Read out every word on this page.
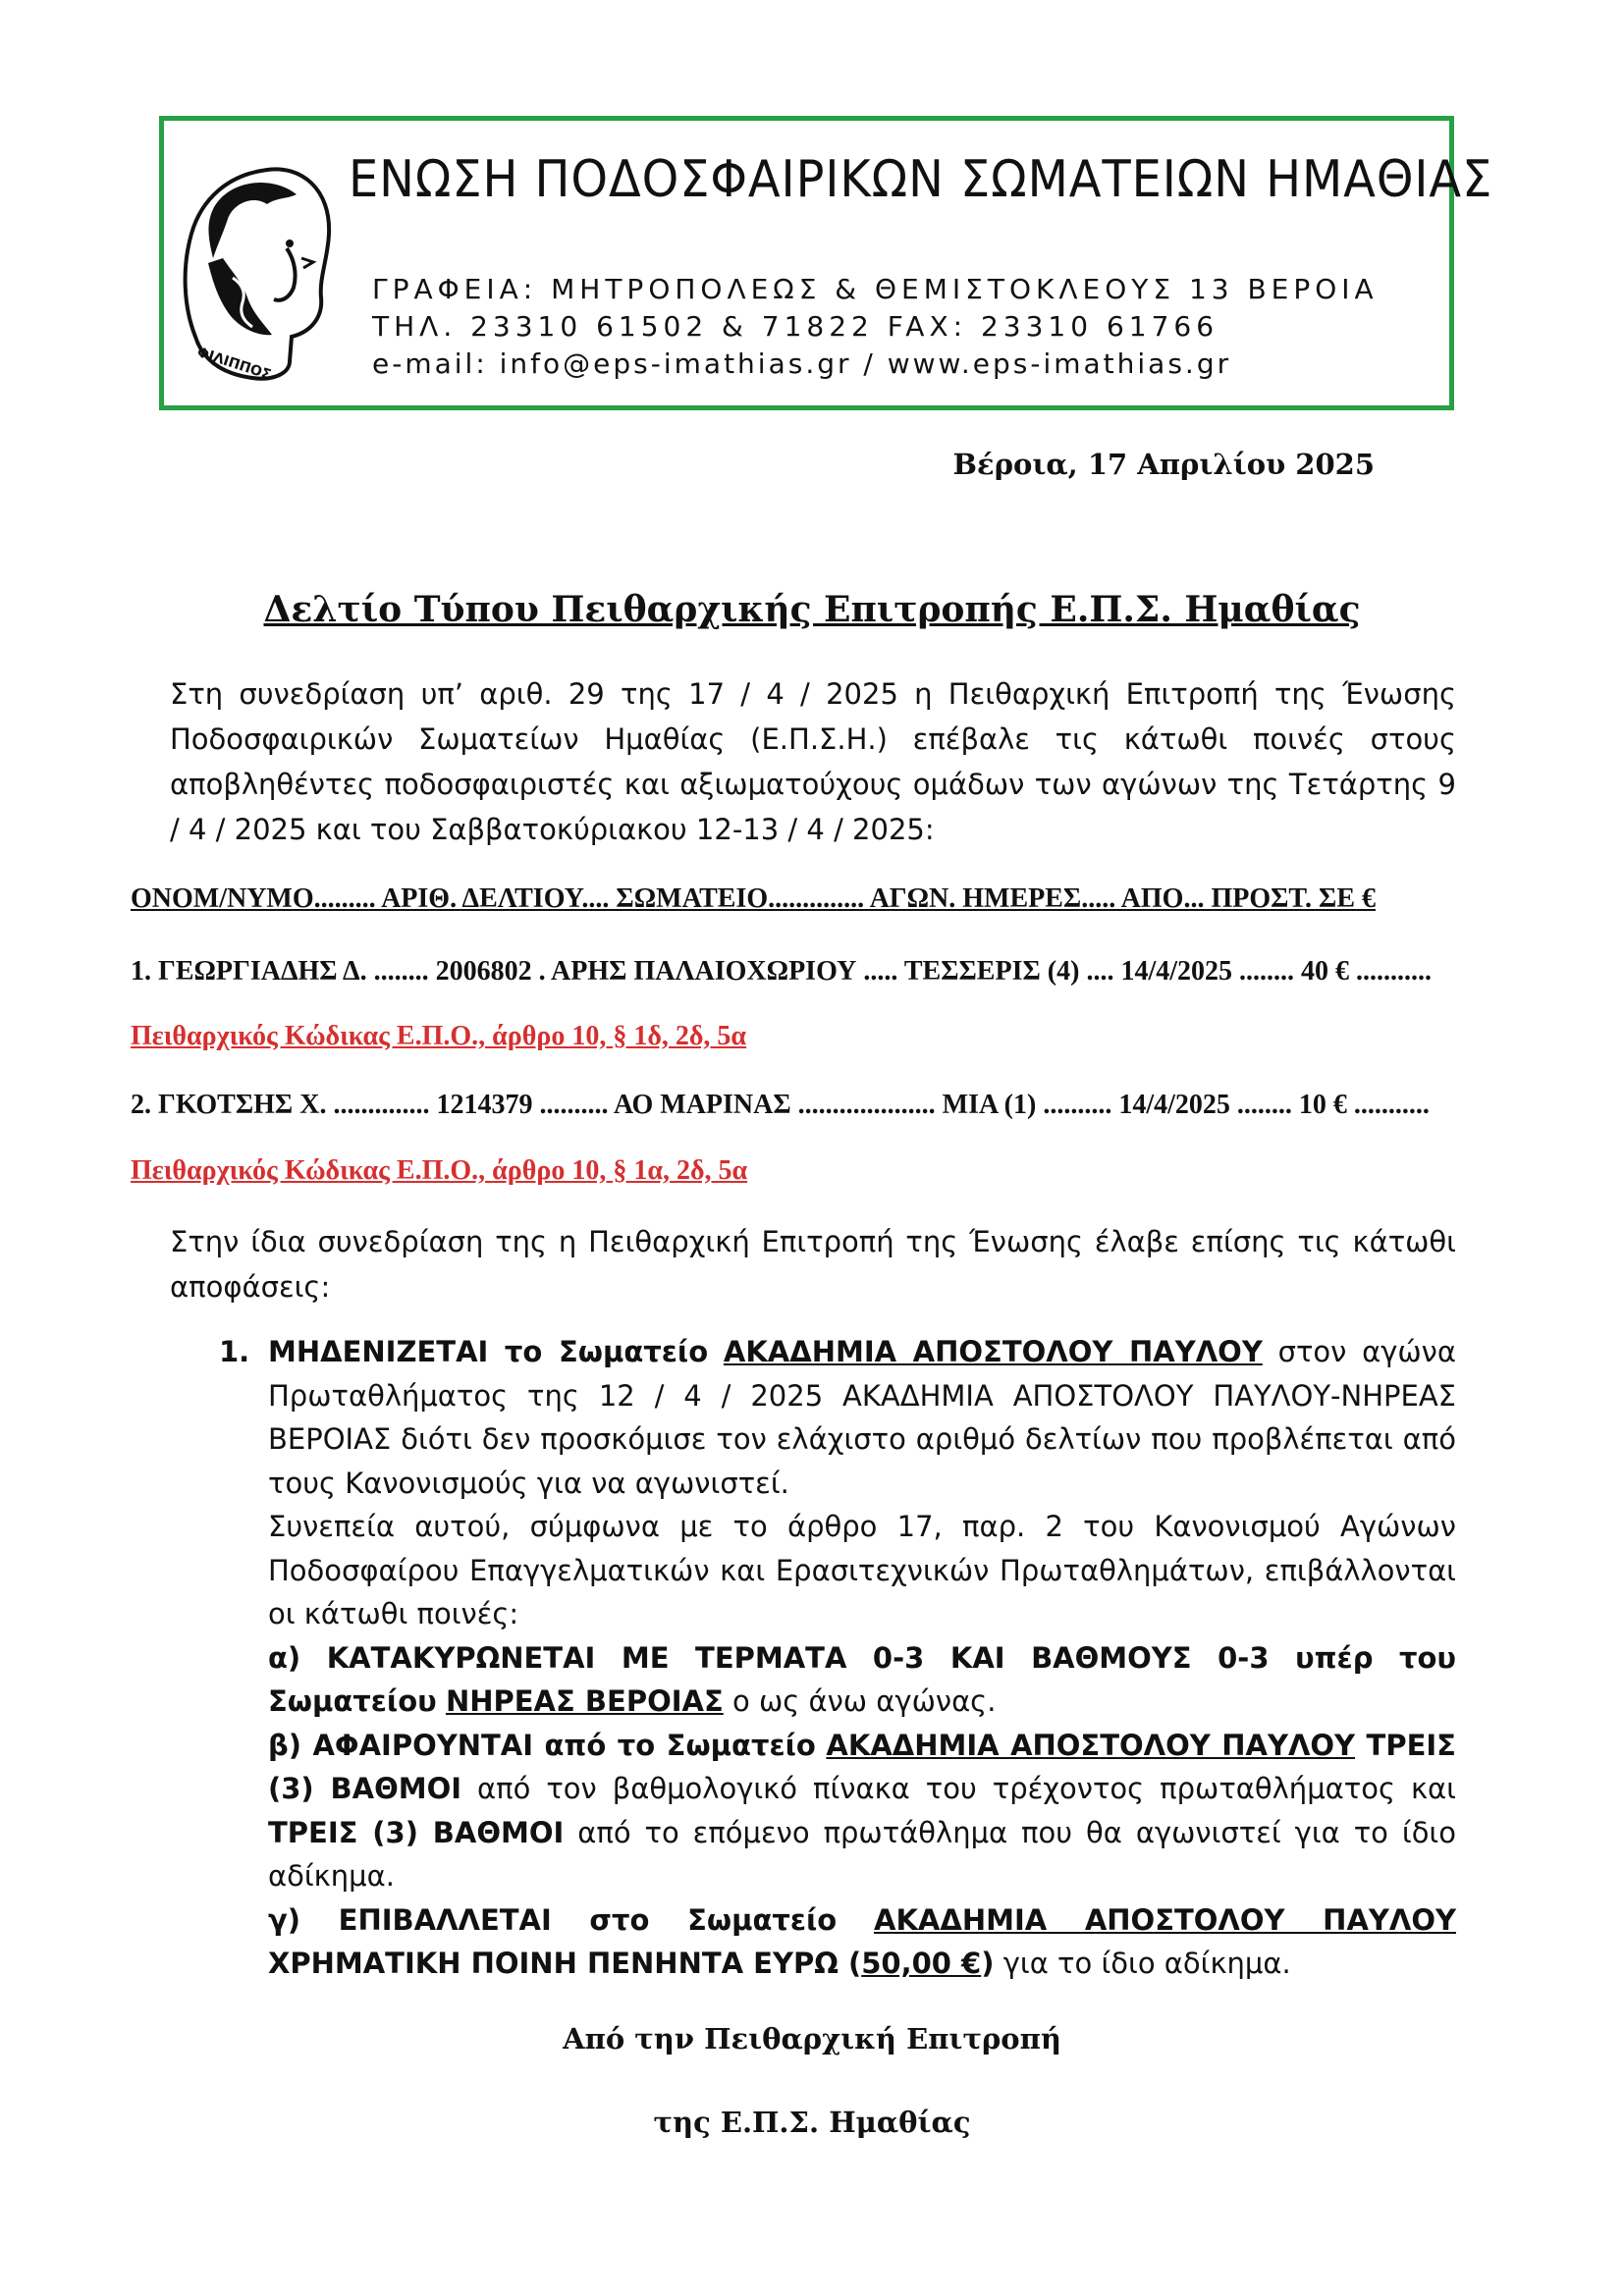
ΦΙΛΙΠΠΟΣ
ΕΝΩΣΗ ΠΟΔΟΣΦΑΙΡΙΚΩΝ ΣΩΜΑΤΕΙΩΝ ΗΜΑΘΙΑΣ
ΓΡΑΦΕΙΑ: ΜΗΤΡΟΠΟΛΕΩΣ & ΘΕΜΙΣΤΟΚΛΕΟΥΣ 13 ΒΕΡΟΙΑ
ΤΗΛ. 23310 61502 & 71822 FAX: 23310 61766
e-mail: info@eps-imathias.gr / www.eps-imathias.gr
Βέροια, 17 Απριλίου 2025
Δελτίο Τύπου Πειθαρχικής Επιτροπής Ε.Π.Σ. Ημαθίας

Στη συνεδρίαση υπ’ αριθ. 29 της 17 / 4 / 2025 η Πειθαρχική Επιτροπή της Ένωσης Ποδοσφαιρικών Σωματείων Ημαθίας (Ε.Π.Σ.Η.) επέβαλε τις κάτωθι ποινές στους αποβληθέντες ποδοσφαιριστές και αξιωματούχους ομάδων των αγώνων της Τετάρτης 9 / 4 / 2025 και του Σαββατοκύριακου 12-13 / 4 / 2025:

ΟΝΟΜ/ΝΥΜΟ......... ΑΡΙΘ. ΔΕΛΤΙΟΥ.... ΣΩΜΑΤΕΙΟ.............. ΑΓΩΝ. ΗΜΕΡΕΣ..... ΑΠΟ... ΠΡΟΣΤ. ΣΕ €
1. ΓΕΩΡΓΙΑΔΗΣ Δ. ........ 2006802 . ΑΡΗΣ ΠΑΛΑΙΟΧΩΡΙΟΥ ..... ΤΕΣΣΕΡΙΣ (4) .... 14/4/2025 ........ 40 € ...........
Πειθαρχικός Κώδικας Ε.Π.Ο., άρθρο 10, § 1δ, 2δ, 5α
2. ΓΚΟΤΣΗΣ Χ. .............. 1214379 .......... ΑΟ ΜΑΡΙΝΑΣ .................... ΜΙΑ (1) .......... 14/4/2025 ........ 10 € ...........
Πειθαρχικός Κώδικας Ε.Π.Ο., άρθρο 10, § 1α, 2δ, 5α

Στην ίδια συνεδρίαση της η Πειθαρχική Επιτροπή της Ένωσης έλαβε επίσης τις κάτωθι αποφάσεις:

1. ΜΗΔΕΝΙΖΕΤΑΙ το Σωματείο ΑΚΑΔΗΜΙΑ ΑΠΟΣΤΟΛΟΥ ΠΑΥΛΟΥ στον αγώνα Πρωταθλήματος της 12 / 4 / 2025 ΑΚΑΔΗΜΙΑ ΑΠΟΣΤΟΛΟΥ ΠΑΥΛΟΥ-ΝΗΡΕΑΣ ΒΕΡΟΙΑΣ διότι δεν προσκόμισε τον ελάχιστο αριθμό δελτίων που προβλέπεται από τους Κανονισμούς για να αγωνιστεί.

Συνεπεία αυτού, σύμφωνα με το άρθρο 17, παρ. 2 του Κανονισμού Αγώνων Ποδοσφαίρου Επαγγελματικών και Ερασιτεχνικών Πρωταθλημάτων, επιβάλλονται οι κάτωθι ποινές:

α) ΚΑΤΑΚΥΡΩΝΕΤΑΙ ΜΕ ΤΕΡΜΑΤΑ 0-3 ΚΑΙ ΒΑΘΜΟΥΣ 0-3 υπέρ του Σωματείου ΝΗΡΕΑΣ ΒΕΡΟΙΑΣ ο ως άνω αγώνας.

β) ΑΦΑΙΡΟΥΝΤΑΙ από το Σωματείο ΑΚΑΔΗΜΙΑ ΑΠΟΣΤΟΛΟΥ ΠΑΥΛΟΥ ΤΡΕΙΣ (3) ΒΑΘΜΟΙ από τον βαθμολογικό πίνακα του τρέχοντος πρωταθλήματος και ΤΡΕΙΣ (3) ΒΑΘΜΟΙ από το επόμενο πρωτάθλημα που θα αγωνιστεί για το ίδιο αδίκημα.

γ) ΕΠΙΒΑΛΛΕΤΑΙ στο Σωματείο ΑΚΑΔΗΜΙΑ ΑΠΟΣΤΟΛΟΥ ΠΑΥΛΟΥ ΧΡΗΜΑΤΙΚΗ ΠΟΙΝΗ ΠΕΝΗΝΤΑ ΕΥΡΩ (50,00 €) για το ίδιο αδίκημα.

Από την Πειθαρχική Επιτροπή
της Ε.Π.Σ. Ημαθίας
